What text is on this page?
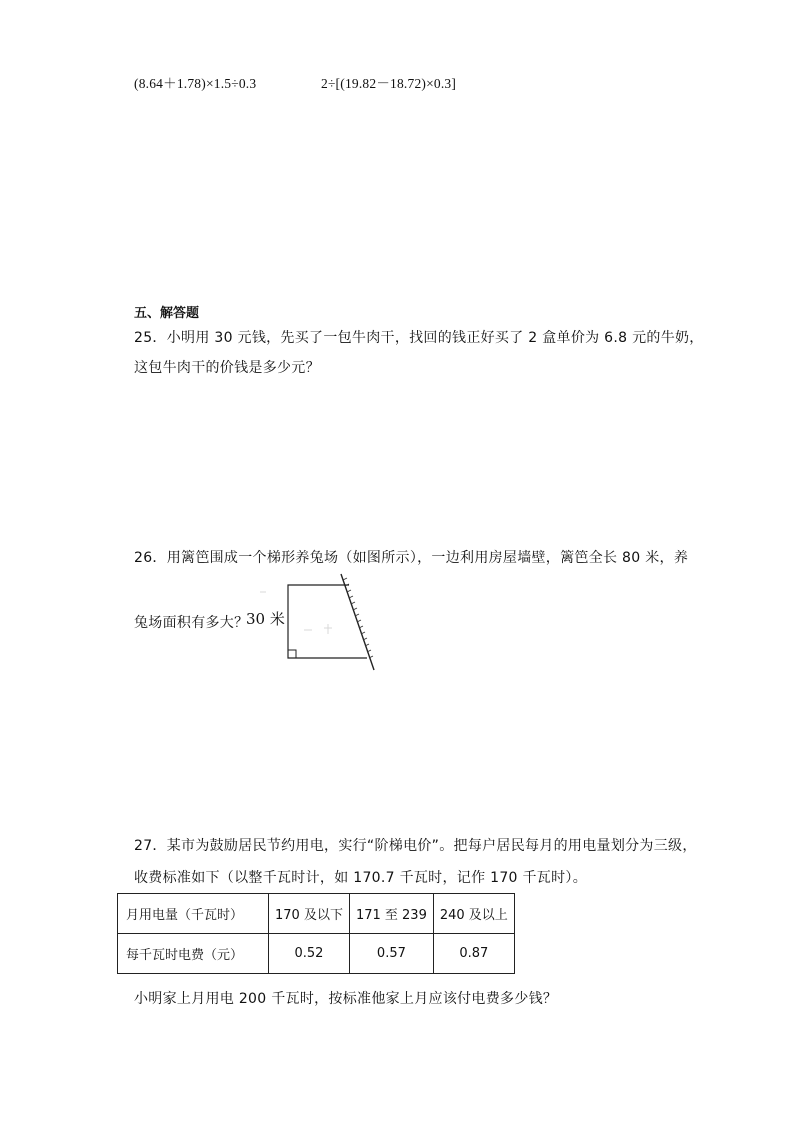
(8.64＋1.78)×1.5÷0.3	2÷[(19.82－18.72)×0.3]
五、解答题
25．小明用 30 元钱，先买了一包牛肉干，找回的钱正好买了 2 盒单价为 6.8 元的牛奶，
这包牛肉干的价钱是多少元？
26．用篱笆围成一个梯形养兔场（如图所示），一边利用房屋墙壁，篱笆全长 80 米，养
兔场面积有多大？
30 米
27．某市为鼓励居民节约用电，实行“阶梯电价”。把每户居民每月的用电量划分为三级，
收费标准如下（以整千瓦时计，如 170.7 千瓦时，记作 170 千瓦时）。
月用电量（千瓦时）	170 及以下	171 至 239	240 及以上
每千瓦时电费（元）	0.52	0.57	0.87
小明家上月用电 200 千瓦时，按标准他家上月应该付电费多少钱？
